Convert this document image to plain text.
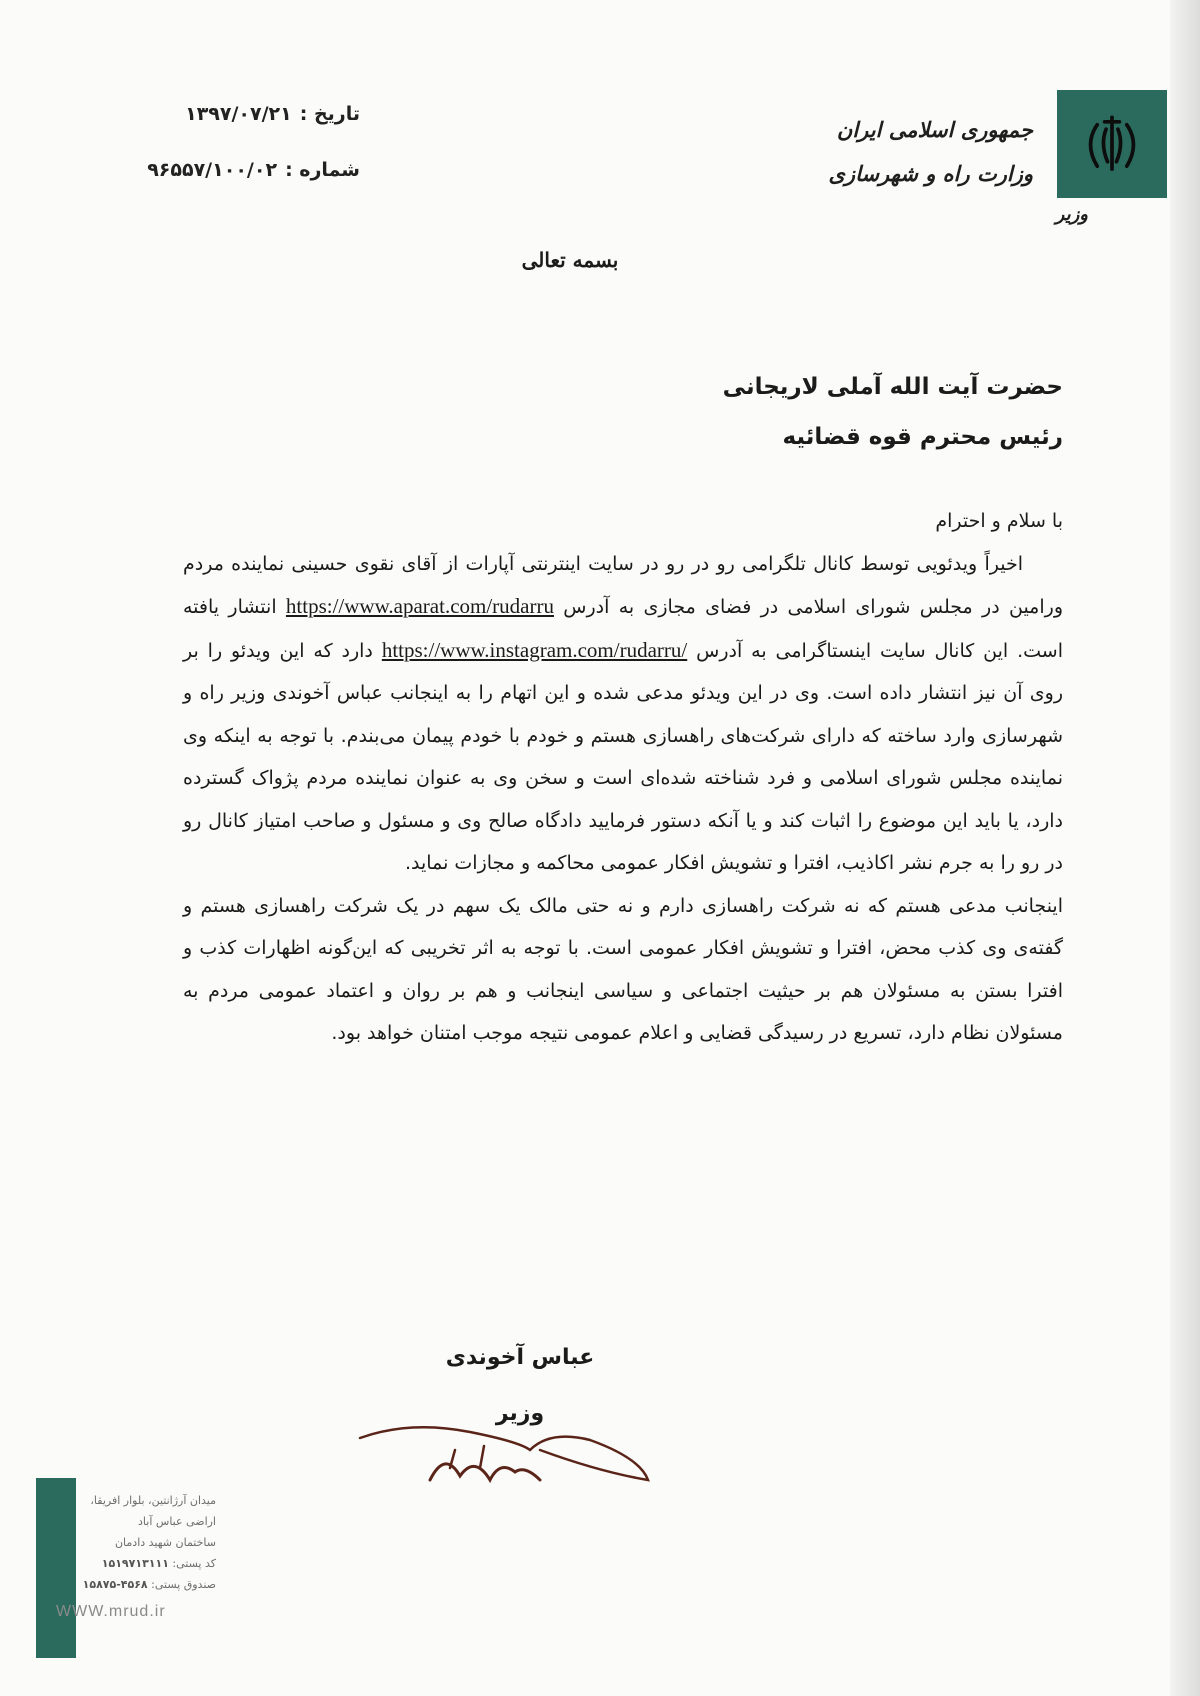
جمهوری اسلامی ایران
وزارت راه و شهرسازی
وزیر
تاریخ :
۱۳۹۷/۰۷/۲۱
شماره :
۹۶۵۵۷/۱۰۰/۰۲
بسمه تعالی
حضرت آیت الله آملی لاریجانی
رئیس محترم قوه قضائیه

با سلام و احترام

اخیراً ویدئویی توسط کانال تلگرامی رو در رو در سایت اینترنتی آپارات از آقای نقوی حسینی نماینده مردم ورامین در مجلس شورای اسلامی در فضای مجازی به آدرس https://www.aparat.com/rudarru انتشار یافته است. این کانال سایت اینستاگرامی به آدرس https://www.instagram.com/rudarru/ دارد که این ویدئو را بر روی آن نیز انتشار داده است. وی در این ویدئو مدعی شده و این اتهام را به اینجانب عباس آخوندی وزیر راه و شهرسازی وارد ساخته که دارای شرکت‌های راهسازی هستم و خودم با خودم پیمان می‌بندم. با توجه به اینکه وی نماینده مجلس شورای اسلامی و فرد شناخته شده‌ای است و سخن وی به عنوان نماینده مردم پژواک گسترده دارد، یا باید این موضوع را اثبات کند و یا آنکه دستور فرمایید دادگاه صالح وی و مسئول و صاحب امتیاز کانال رو در رو را به جرم نشر اکاذیب، افترا و تشویش افکار عمومی محاکمه و مجازات نماید.

اینجانب مدعی هستم که نه شرکت راهسازی دارم و نه حتی مالک یک سهم در یک شرکت راهسازی هستم و گفته‌ی وی کذب محض، افترا و تشویش افکار عمومی است. با توجه به اثر تخریبی که این‌گونه اظهارات کذب و افترا بستن به مسئولان هم بر حیثیت اجتماعی و سیاسی اینجانب و هم بر روان و اعتماد عمومی مردم به مسئولان نظام دارد، تسریع در رسیدگی قضایی و اعلام عمومی نتیجه موجب امتنان خواهد بود.

عباس آخوندی
وزیر
میدان آرژانتین، بلوار افریقا،
اراضی عباس آباد
ساختمان شهید دادمان
کد پستی: ۱۵۱۹۷۱۳۱۱۱
صندوق پستی: ۱۵۸۷۵-۴۵۶۸
WWW.mrud.ir
